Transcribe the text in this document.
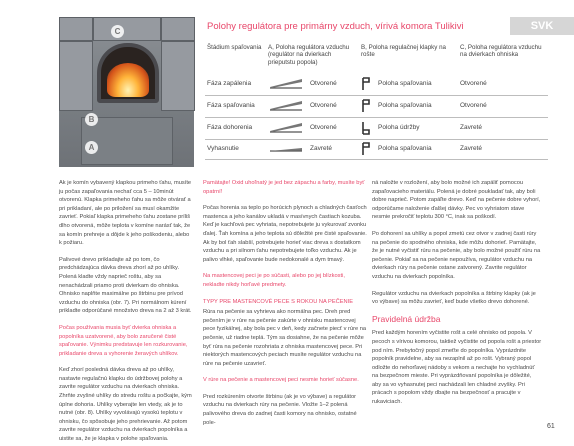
C
B
A
Polohy regulátora pre primárny vzduch, vírivá komora Tulikivi	SVK
Štádium spaľovania	A, Poloha regulátora vzduchu (regulátor na dvierkach prieputstu popola)
B, Poloha regulačnej klapky na rošte
C, Poloha regulátora vzduchu na dvierkach ohniska
Fáza zapálenia	Otvorené	Poloha spaľovania	Otvorené
Fáza spaľovania	Otvorené	Poloha spaľovania	Otvorené
Fáza dohorenia	Otvorené	Poloha údržby	Zavreté
Vyhasnutie	Zavreté	Poloha spaľovania	Zavreté

Ak je komín vybavený klapkou primeho ťahu, musíte ju počas zapaľovania nechať cca 5 – 10minút otvorenú. Klapka primeheho ťahu sa môže otvárať a pri prikladaní, ale po priložení sa musí okamžite zavrieť. Pokiaľ klapka primeheho ťahu zostane príliš dlho otvorená, môže teplota v komíne narásť tak, že sa komín prehreje a dôjde k jeho poškodeniu, alebo k požiaru.

Palivové drevo prikladajte až po tom, čo predchádzajúca dávka dreva zhorí až po uhlíky. Polená kladte vždy naprieč roštu, aby sa nenachádzali priamo proti dvierkam do ohniska. Ohnisko naplňte maximálne po štrbinu pre prívod vzduchu do ohniska (obr. 7). Pri normálnom kúrení prikladte odporúčané množstvo dreva na 2 až 3 krát.

Počas používania musia byť dvierka ohniska a popolníka uzatvorené, aby bolo zaručené čisté spaľovanie. Výnimku predstavuje len rozkurovanie, prikladanie dreva a vyhorenie žeravých uhlíkov.

Keď zhorí posledná dávka dreva až po uhlíky, nastavte regulačnú klapku do údržbovej polohy a zavrite regulátor vzduchu na dvierkach ohniska. Zhrňte zvyšné uhlíky do stredu roštu a počkajte, kým úplne dohoria. Uhlíky vyberajte len vtedy, ak je to nutné (obr. 8). Uhlíky vyvolávajú vysokú teplotu v ohnisku, čo spôsobuje jeho prehrievanie. Až potom zavrite regulátor vzduchu na dvierkach popolníka a uistite sa, že je klapka v polohe spaľovania.

Pamätajte! Oxid uhoľnatý je jed bez zápachu a farby, musíte byť opatrní!

Počas horenia sa teplo po horúcich plynoch a chladných časťoch mastenca a jeho kanálov ukladá v masívnych častiach kozuba. Keď je kachľová pec vyhriata, nepotrebujete ju vykurovať zvonku ďalej. Ťah komína a jeho teplota sú dôležité pre čisté spaľovanie. Ak by bol ťah slabší, potrebujete horieť viac dreva s dostatkom vzduchu a pri silnom ťahu nepotrebujete toľko vzduchu. Ak je palivo vlhké, spaľovanie bude nedokonalé a dym tmavý.

Na mastencovej peci je po súčasti, alebo po jej blízkosti, nekladte nikdy horľavé predmety.

TYPY PRE MASTENCOVÉ PECE S ROKOU NA PEČENIE

Rúra na pečenie sa vyhrieva ako normálna pec. Dreh pred pečením je v rúre na pečenie zakúrte v ohnisku mastencovej pece fyzikálnej, aby bola pec v deň, kedy začnete piecť v rúre na pečenie, už riadne teplá. Tým sa dosiahne, že na pečenie môže byť rúra na pečenie rozohriata z ohniska mastencovej pece. Pri niektorých mastencových peciach musíte regulátor vzduchu na rúre na pečenie uzavrieť.

V rúre na pečenie a mastencovej peci nesmie horieť súčasne.

Pred rozkúrením otvorte štrbinu (ak je vo výbave) a regulátor vzduchu na dvierkach rúry na pečenie. Vložte 1–2 polená palivového dreva do zadnej časti komory na ohnisko, ostatné pole-

ná naložte v rozložení, aby bolo možné ich zapáliť pomocou zapaľovacieho materiálu. Polená je dobré poukladať tak, aby boli dobre naprieč. Potom zapáľte drevo. Keď na pečenie dobre vyhorí, odporúčame naloženie ďalšej dávky. Pec vo vyhriatom stave nesmie prekročiť teplotu 300 °C, inak sa poškodí.

Po dohorení sa uhlíky a popol zmetú cez otvor v zadnej časti rúry na pečenie do spodného ohniska, kde môžu dohorieť. Pamätajte, že je nutné vyčistiť rúru na pečenie, aby bolo možné použiť rúru na pečenie. Pokiaľ sa na pečenie nepoužíva, regulátor vzduchu na dvierkach rúry na pečenie ostane zatvorený. Zavrite regulátor vzduchu na dvierkach popolníka.

Regulátor vzduchu na dvierkach popolníka a štrbiny klapky (ak je vo výbave) sa môžu zavrieť, keď bude všetko drevo dohorené.

Pravidelná údržba

Pred každým horením vyčistite rošt a celé ohnisko od popola. V pecoch s vírivou komorou, taktiež vyčistite od popola rošt a priestor pod ním. Prebytočný popol zmeťte do popolníka. Vyprázdnite popolník pravidelne, aby sa nezaplnil až po rošt. Vybraný popol odložte do nehorľavej nádoby s vekom a nechajte ho vychladnúť na bezpečnom mieste. Pri vyprázdňovaní popolníka je dôležité, aby sa vo vyhasnutej peci nachádzali len chladné zvyšky. Pri prácach s popolom vždy dbajte na bezpečnosť a pracujte v rukaviciach.

61
